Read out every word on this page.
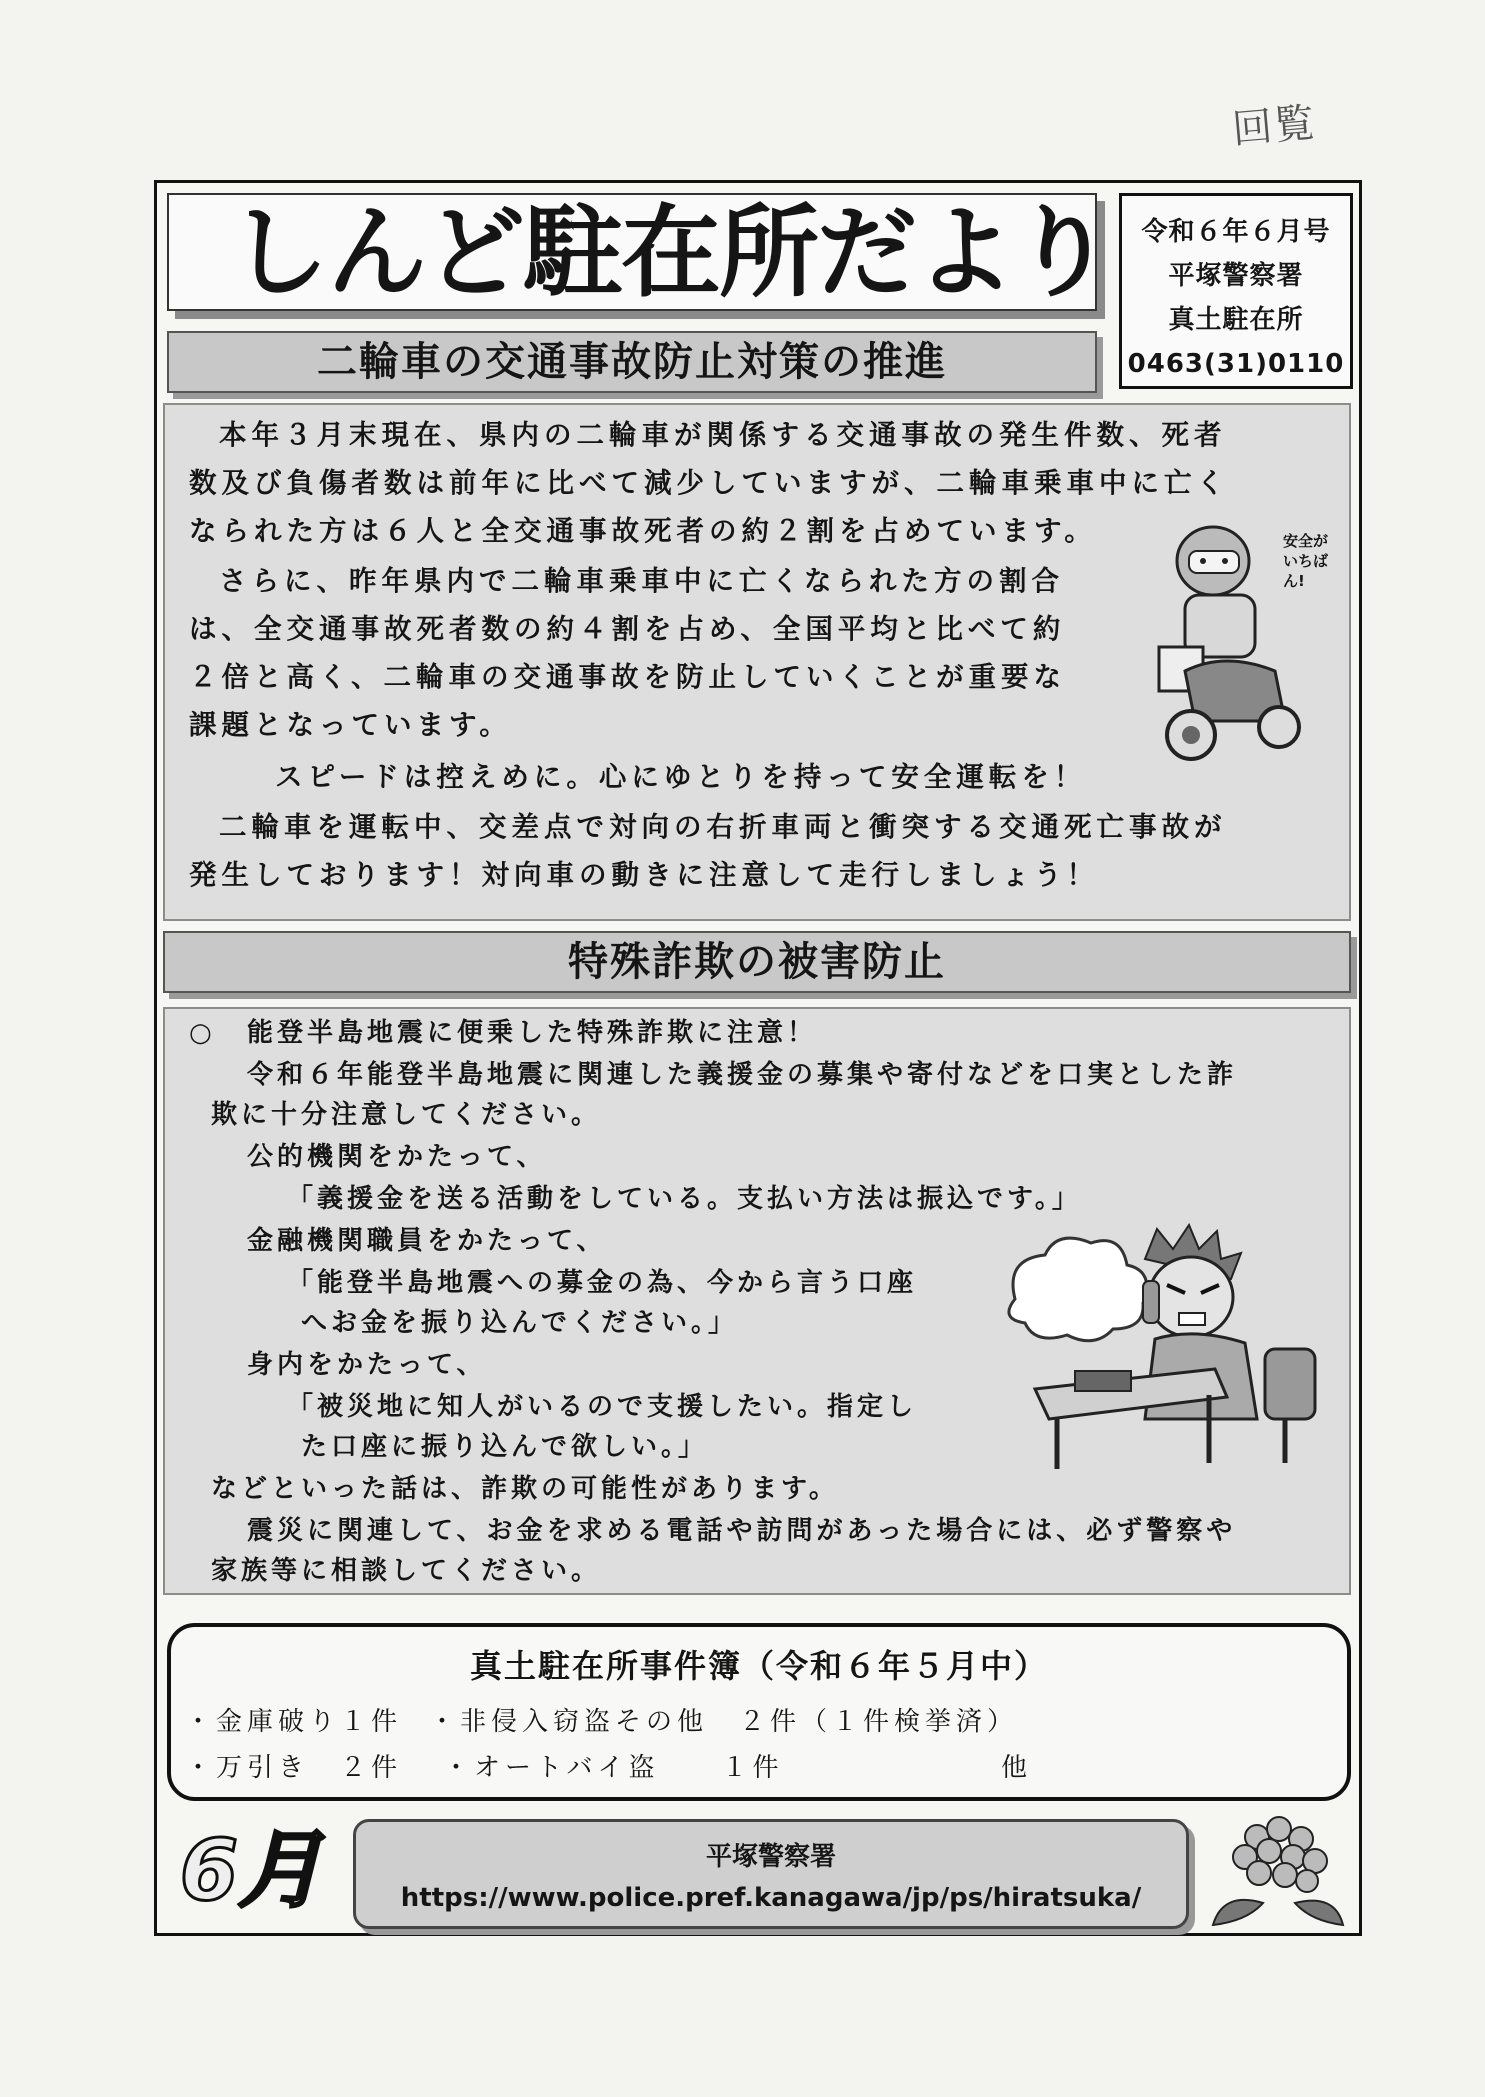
回覧
しんど駐在所だより	令和６年６月号
平塚警察署
真土駐在所
0463(31)0110
二輪車の交通事故防止対策の推進
本年３月末現在、県内の二輪車が関係する交通事故の発生件数、死者
数及び負傷者数は前年に比べて減少していますが、二輪車乗車中に亡く
なられた方は６人と全交通事故死者の約２割を占めています。
さらに、昨年県内で二輪車乗車中に亡くなられた方の割合
は、全交通事故死者数の約４割を占め、全国平均と比べて約
２倍と高く、二輪車の交通事故を防止していくことが重要な
課題となっています。
スピードは控えめに。心にゆとりを持って安全運転を！
二輪車を運転中、交差点で対向の右折車両と衝突する交通死亡事故が
発生しております！対向車の動きに注意して走行しましょう！
安全が
いちばん!
特殊詐欺の被害防止
○ 能登半島地震に便乗した特殊詐欺に注意！
令和６年能登半島地震に関連した義援金の募集や寄付などを口実とした詐
欺に十分注意してください。
公的機関をかたって、
「義援金を送る活動をしている。支払い方法は振込です。」
金融機関職員をかたって、
「能登半島地震への募金の為、今から言う口座
へお金を振り込んでください。」
身内をかたって、
「被災地に知人がいるので支援したい。指定し
た口座に振り込んで欲しい。」
などといった話は、詐欺の可能性があります。
震災に関連して、お金を求める電話や訪問があった場合には、必ず警察や
家族等に相談してください。
真土駐在所事件簿（令和６年５月中）
・金庫破り１件 ・非侵入窃盗その他　２件（１件検挙済）
・万引き　２件 ・オートバイ盗　　１件	他
6月	平塚警察署
https://www.police.pref.kanagawa/jp/ps/hiratsuka/
